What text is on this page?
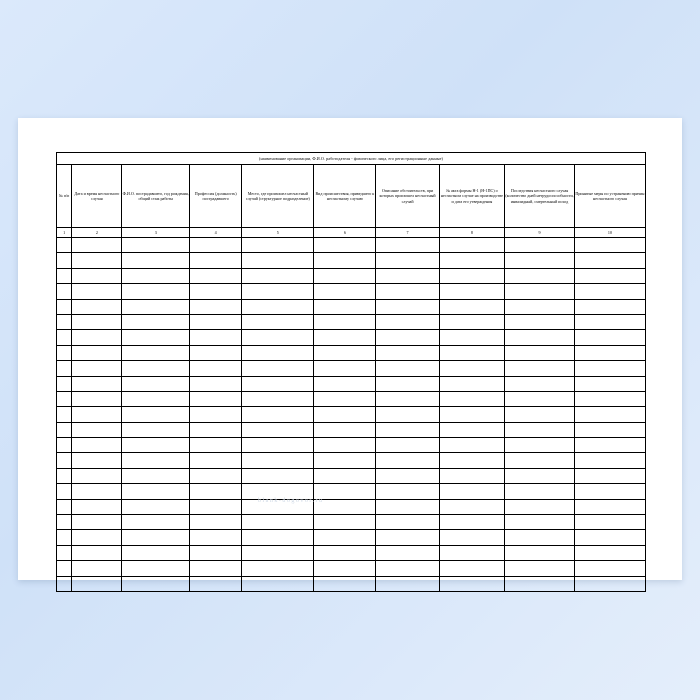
(наименование организации, Ф.И.О. работодателя - физического лица, его регистрационные данные)									
№ п/п	Дата и время несчастного случая	Ф.И.О. пострадавшего, год рождения, общий стаж работы	Профессия (должность) пострадавшего	Место, где произошел несчастный случай (структурное подразделение)	Вид происшествия, приведшего к несчастному случаю	Описание обстоятельств, при которых произошел несчастный случай	№ акта формы Н-1 (Н-1ПС) о несчастном случае на производстве и дата его утверждения	Последствия несчастного случая (количество дней нетрудоспособности, инвалидный, смертельный исход	Принятые меры по устранению причин несчастного случая
1	2	3	4	5	6	7	8	9	10

blank-dogovor.ru
